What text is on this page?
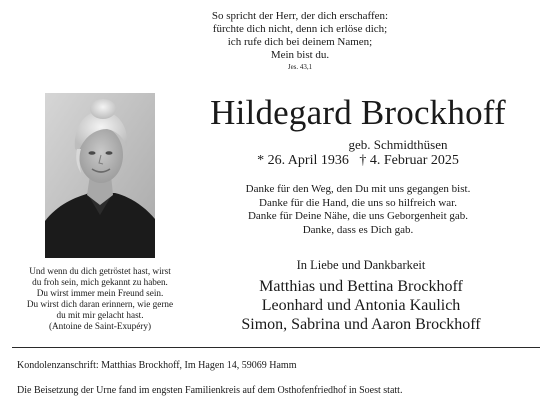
So spricht der Herr, der dich erschaffen:
fürchte dich nicht, denn ich erlöse dich;
ich rufe dich bei deinem Namen;
Mein bist du.
Jes. 43,1
Hildegard Brockhoff
geb. Schmidthüsen
* 26. April 1936   † 4. Februar 2025
Danke für den Weg, den Du mit uns gegangen bist.
Danke für die Hand, die uns so hilfreich war.
Danke für Deine Nähe, die uns Geborgenheit gab.
Danke, dass es Dich gab.
Und wenn du dich getröstet hast, wirst
du froh sein, mich gekannt zu haben.
Du wirst immer mein Freund sein.
Du wirst dich daran erinnern, wie gerne
du mit mir gelacht hast.
(Antoine de Saint-Exupéry)
In Liebe und Dankbarkeit
Matthias und Bettina Brockhoff
Leonhard und Antonia Kaulich
Simon, Sabrina und Aaron Brockhoff
Kondolenzanschrift: Matthias Brockhoff, Im Hagen 14, 59069 Hamm
Die Beisetzung der Urne fand im engsten Familienkreis auf dem Osthofenfriedhof in Soest statt.
